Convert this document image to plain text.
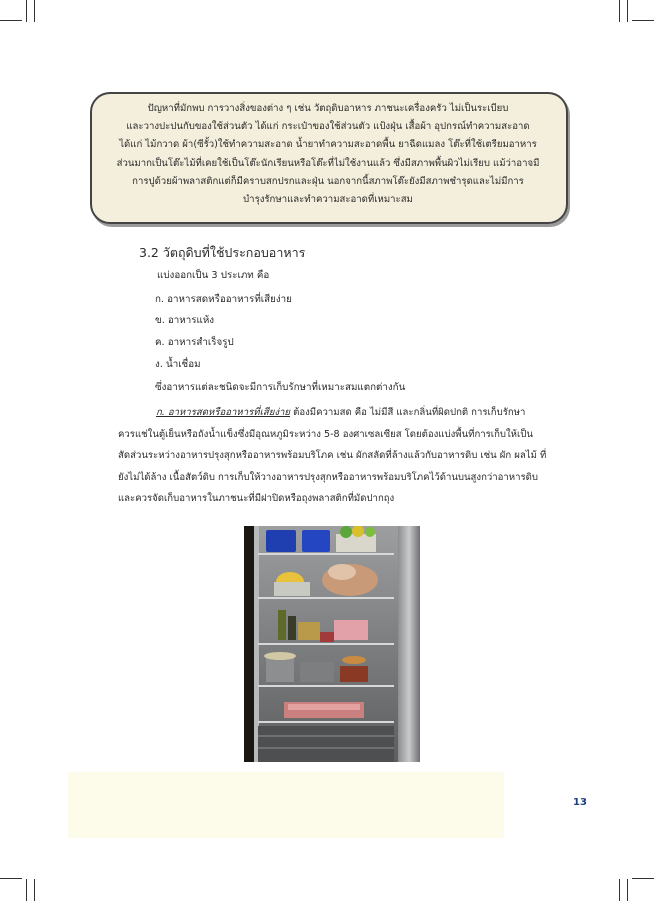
ปัญหาที่มักพบ การวางสิ่งของต่าง ๆ เช่น วัตถุดิบอาหาร ภาชนะเครื่องครัว ไม่เป็นระเบียบ
และวางปะปนกับของใช้ส่วนตัว ได้แก่ กระเป๋าของใช้ส่วนตัว แป้งฝุ่น เสื้อผ้า อุปกรณ์ทำความสะอาด
ได้แก่ ไม้กวาด ผ้า(ซีรั้ว)ใช้ทำความสะอาด น้ำยาทำความสะอาดพื้น ยาฉีดแมลง โต๊ะที่ใช้เตรียมอาหาร
ส่วนมากเป็นโต๊ะไม้ที่เคยใช้เป็นโต๊ะนักเรียนหรือโต๊ะที่ไม่ใช้งานแล้ว ซึ่งมีสภาพพื้นผิวไม่เรียบ แม้ว่าอาจมี
การปูด้วยผ้าพลาสติกแต่ก็มีคราบสกปรกและฝุ่น นอกจากนี้สภาพโต๊ะยังมีสภาพชำรุดและไม่มีการ
บำรุงรักษาและทำความสะอาดที่เหมาะสม
3.2 วัตถุดิบที่ใช้ประกอบอาหาร
แบ่งออกเป็น 3 ประเภท คือ
ก. อาหารสดหรืออาหารที่เสียง่าย
ข. อาหารแห้ง
ค. อาหารสำเร็จรูป
ง. น้ำเชื่อม
ซึ่งอาหารแต่ละชนิดจะมีการเก็บรักษาที่เหมาะสมแตกต่างกัน
ก. อาหารสดหรืออาหารที่เสียง่าย ต้องมีความสด คือ ไม่มีสี และกลิ่นที่ผิดปกติ การเก็บรักษา
ควรแช่ในตู้เย็นหรือถังน้ำแข็งซึ่งมีอุณหภูมิระหว่าง 5-8 องศาเซลเซียส โดยต้องแบ่งพื้นที่การเก็บให้เป็น
สัดส่วนระหว่างอาหารปรุงสุกหรืออาหารพร้อมบริโภค เช่น ผักสลัดที่ล้างแล้วกับอาหารดิบ เช่น ผัก ผลไม้ ที่
ยังไม่ได้ล้าง เนื้อสัตว์ดิบ การเก็บให้วางอาหารปรุงสุกหรืออาหารพร้อมบริโภคไว้ด้านบนสูงกว่าอาหารดิบ
และควรจัดเก็บอาหารในภาชนะที่มีฝาปิดหรือถุงพลาสติกที่มัดปากถุง
13
